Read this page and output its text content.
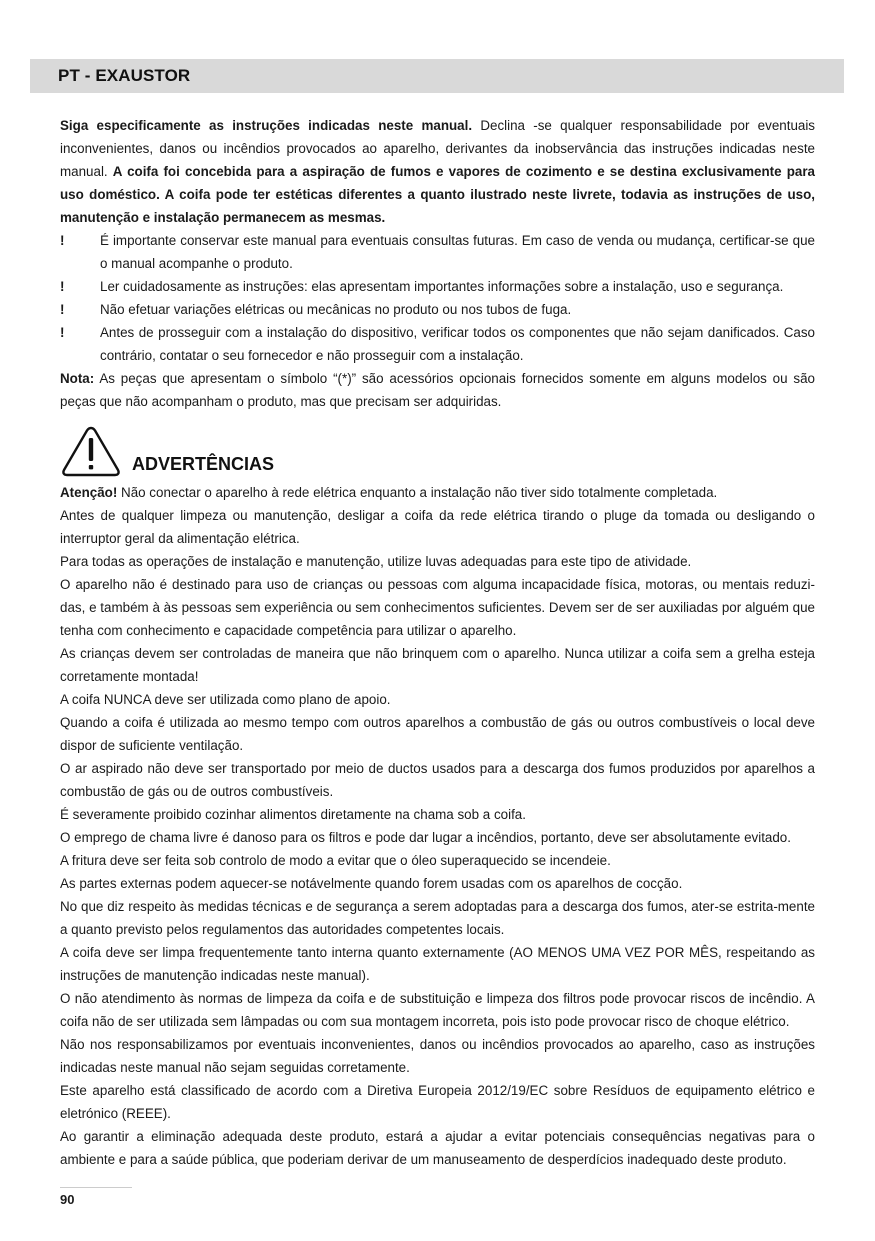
PT - EXAUSTOR

Siga especificamente as instruções indicadas neste manual. Declina -se qualquer responsabilidade por eventuais inconvenientes, danos ou incêndios provocados ao aparelho, derivantes da inobservância das instruções indicadas neste manual. A coifa foi concebida para a aspiração de fumos e vapores de cozimento e se destina exclusivamente para uso doméstico. A coifa pode ter estéticas diferentes a quanto ilustrado neste livrete, todavia as instruções de uso, manutenção e instalação permanecem as mesmas.

!	É importante conservar este manual para eventuais consultas futuras. Em caso de venda ou mudança, certificar-se que o manual acompanhe o produto.

!	Ler cuidadosamente as instruções: elas apresentam importantes informações sobre a instalação, uso e segurança.

!	Não efetuar variações elétricas ou mecânicas no produto ou nos tubos de fuga.

!	Antes de prosseguir com a instalação do dispositivo, verificar todos os componentes que não sejam danificados. Caso contrário, contatar o seu fornecedor e não prosseguir com a instalação.

Nota: As peças que apresentam o símbolo “(*)” são acessórios opcionais fornecidos somente em alguns modelos ou são peças que não acompanham o produto, mas que precisam ser adquiridas.

ADVERTÊNCIAS

Atenção! Não conectar o aparelho à rede elétrica enquanto a instalação não tiver sido totalmente completada.

Antes de qualquer limpeza ou manutenção, desligar a coifa da rede elétrica tirando o pluge da tomada ou desligando o interruptor geral da alimentação elétrica.

Para todas as operações de instalação e manutenção, utilize luvas adequadas para este tipo de atividade.

O aparelho não é destinado para uso de crianças ou pessoas com alguma incapacidade física, motoras, ou mentais reduzi-das, e também à às pessoas sem experiência ou sem conhecimentos suficientes. Devem ser de ser auxiliadas por alguém que tenha com conhecimento e capacidade competência para utilizar o aparelho.

As crianças devem ser controladas de maneira que não brinquem com o aparelho. Nunca utilizar a coifa sem a grelha esteja corretamente montada!

A coifa NUNCA deve ser utilizada como plano de apoio.

Quando a coifa é utilizada ao mesmo tempo com outros aparelhos a combustão de gás ou outros combustíveis o local deve dispor de suficiente ventilação.

O ar aspirado não deve ser transportado por meio de ductos usados para a descarga dos fumos produzidos por aparelhos a combustão de gás ou de outros combustíveis.

É severamente proibido cozinhar alimentos diretamente na chama sob a coifa.

O emprego de chama livre é danoso para os filtros e pode dar lugar a incêndios, portanto, deve ser absolutamente evitado.

A fritura deve ser feita sob controlo de modo a evitar que o óleo superaquecido se incendeie.

As partes externas podem aquecer-se notávelmente quando forem usadas com os aparelhos de cocção.

No que diz respeito às medidas técnicas e de segurança a serem adoptadas para a descarga dos fumos, ater-se estrita-mente a quanto previsto pelos regulamentos das autoridades competentes locais.

A coifa deve ser limpa frequentemente tanto interna quanto externamente (AO MENOS UMA VEZ POR MÊS, respeitando as instruções de manutenção indicadas neste manual).

O não atendimento às normas de limpeza da coifa e de substituição e limpeza dos filtros pode provocar riscos de incêndio. A coifa não de ser utilizada sem lâmpadas ou com sua montagem incorreta, pois isto pode provocar risco de choque elétrico.

Não nos responsabilizamos por eventuais inconvenientes, danos ou incêndios provocados ao aparelho, caso as instruções indicadas neste manual não sejam seguidas corretamente.

Este aparelho está classificado de acordo com a Diretiva Europeia 2012/19/EC sobre Resíduos de equipamento elétrico e eletrónico (REEE).

Ao garantir a eliminação adequada deste produto, estará a ajudar a evitar potenciais consequências negativas para o ambiente e para a saúde pública, que poderiam derivar de um manuseamento de desperdícios inadequado deste produto.

90
